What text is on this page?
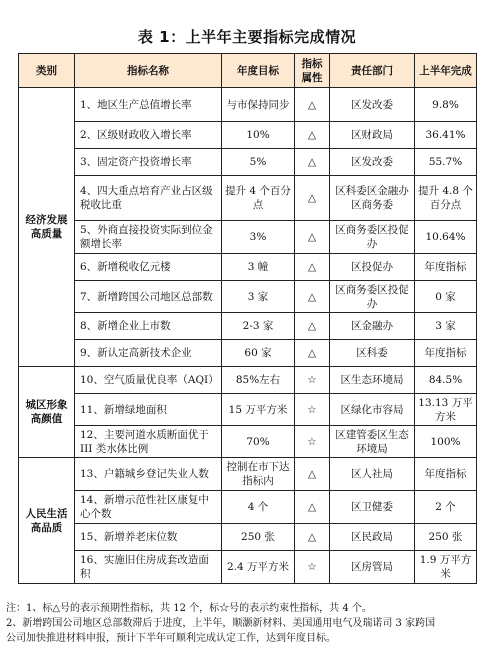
表 1：上半年主要指标完成情况
类别	指标名称	年度目标	指标属性	责任部门	上半年完成
经济发展高质量	1、地区生产总值增长率	与市保持同步	△	区发改委	9.8%
	2、区级财政收入增长率	10%	△	区财政局	36.41%
	3、固定资产投资增长率	5%	△	区发改委	55.7%
	4、四大重点培育产业占区级税收比重	提升 4 个百分点	△	区科委区金融办区商务委	提升 4.8 个百分点
	5、外商直接投资实际到位金额增长率	3%	△	区商务委区投促办	10.64%
	6、新增税收亿元楼	3 幢	△	区投促办	年度指标
	7、新增跨国公司地区总部数	3 家	△	区商务委区投促办	0 家
	8、新增企业上市数	2-3 家	△	区金融办	3 家
	9、新认定高新技术企业	60 家	△	区科委	年度指标
城区形象高颜值	10、空气质量优良率（AQI）	85%左右	☆	区生态环境局	84.5%
	11、新增绿地面积	15 万平方米	☆	区绿化市容局	13.13 万平方米
	12、主要河道水质断面优于 III 类水体比例	70%	☆	区建管委区生态环境局	100%
人民生活高品质	13、户籍城乡登记失业人数	控制在市下达指标内	△	区人社局	年度指标
	14、新增示范性社区康复中心个数	4 个	△	区卫健委	2 个
	15、新增养老床位数	250 张	△	区民政局	250 张
	16、实施旧住房成套改造面积	2.4 万平方米	☆	区房管局	1.9 万平方米
注：1、标△号的表示预期性指标，共 12 个，标☆号的表示约束性指标，共 4 个。
2、新增跨国公司地区总部数滞后于进度，上半年，顺灏新材料、美国通用电气及瑞诺司 3 家跨国
公司加快推进材料申报，预计下半年可顺利完成认定工作，达到年度目标。
